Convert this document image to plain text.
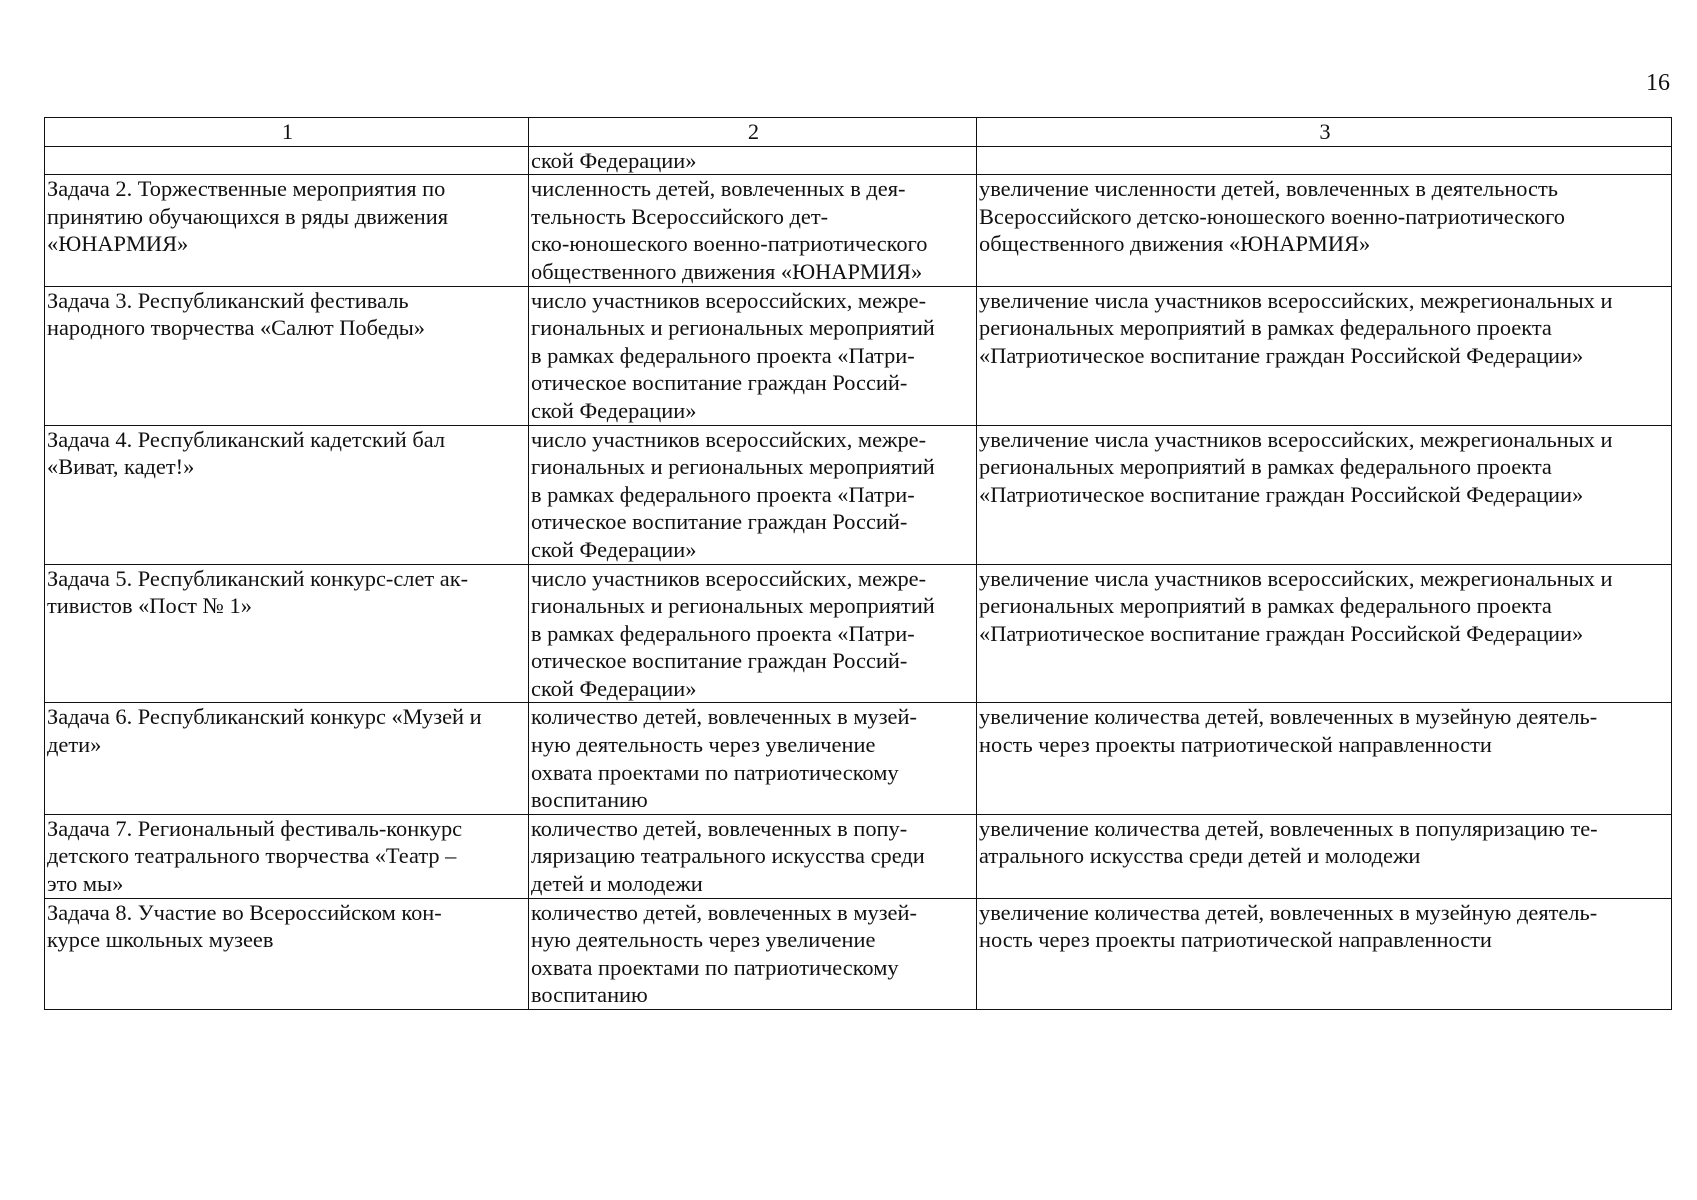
16
1	2	3
	ской Федерации»	
Задача 2. Торжественные мероприятия по
принятию обучающихся в ряды движения
«ЮНАРМИЯ»	численность детей, вовлеченных в дея-
тельность Всероссийского дет-
ско-юношеского военно-патриотического
общественного движения «ЮНАРМИЯ»	увеличение численности детей, вовлеченных в деятельность
Всероссийского детско-юношеского военно-патриотического
общественного движения «ЮНАРМИЯ»
Задача 3. Республиканский фестиваль
народного творчества «Салют Победы»	число участников всероссийских, межре-
гиональных и региональных мероприятий
в рамках федерального проекта «Патри-
отическое воспитание граждан Россий-
ской Федерации»	увеличение числа участников всероссийских, межрегиональных и
региональных мероприятий в рамках федерального проекта
«Патриотическое воспитание граждан Российской Федерации»
Задача 4. Республиканский кадетский бал
«Виват, кадет!»	число участников всероссийских, межре-
гиональных и региональных мероприятий
в рамках федерального проекта «Патри-
отическое воспитание граждан Россий-
ской Федерации»	увеличение числа участников всероссийских, межрегиональных и
региональных мероприятий в рамках федерального проекта
«Патриотическое воспитание граждан Российской Федерации»
Задача 5. Республиканский конкурс-слет ак-
тивистов «Пост № 1»	число участников всероссийских, межре-
гиональных и региональных мероприятий
в рамках федерального проекта «Патри-
отическое воспитание граждан Россий-
ской Федерации»	увеличение числа участников всероссийских, межрегиональных и
региональных мероприятий в рамках федерального проекта
«Патриотическое воспитание граждан Российской Федерации»
Задача 6. Республиканский конкурс «Музей и
дети»	количество детей, вовлеченных в музей-
ную деятельность через увеличение
охвата проектами по патриотическому
воспитанию	увеличение количества детей, вовлеченных в музейную деятель-
ность через проекты патриотической направленности
Задача 7. Региональный фестиваль-конкурс
детского театрального творчества «Театр –
это мы»	количество детей, вовлеченных в попу-
ляризацию театрального искусства среди
детей и молодежи	увеличение количества детей, вовлеченных в популяризацию те-
атрального искусства среди детей и молодежи
Задача 8. Участие во Всероссийском кон-
курсе школьных музеев	количество детей, вовлеченных в музей-
ную деятельность через увеличение
охвата проектами по патриотическому
воспитанию	увеличение количества детей, вовлеченных в музейную деятель-
ность через проекты патриотической направленности
